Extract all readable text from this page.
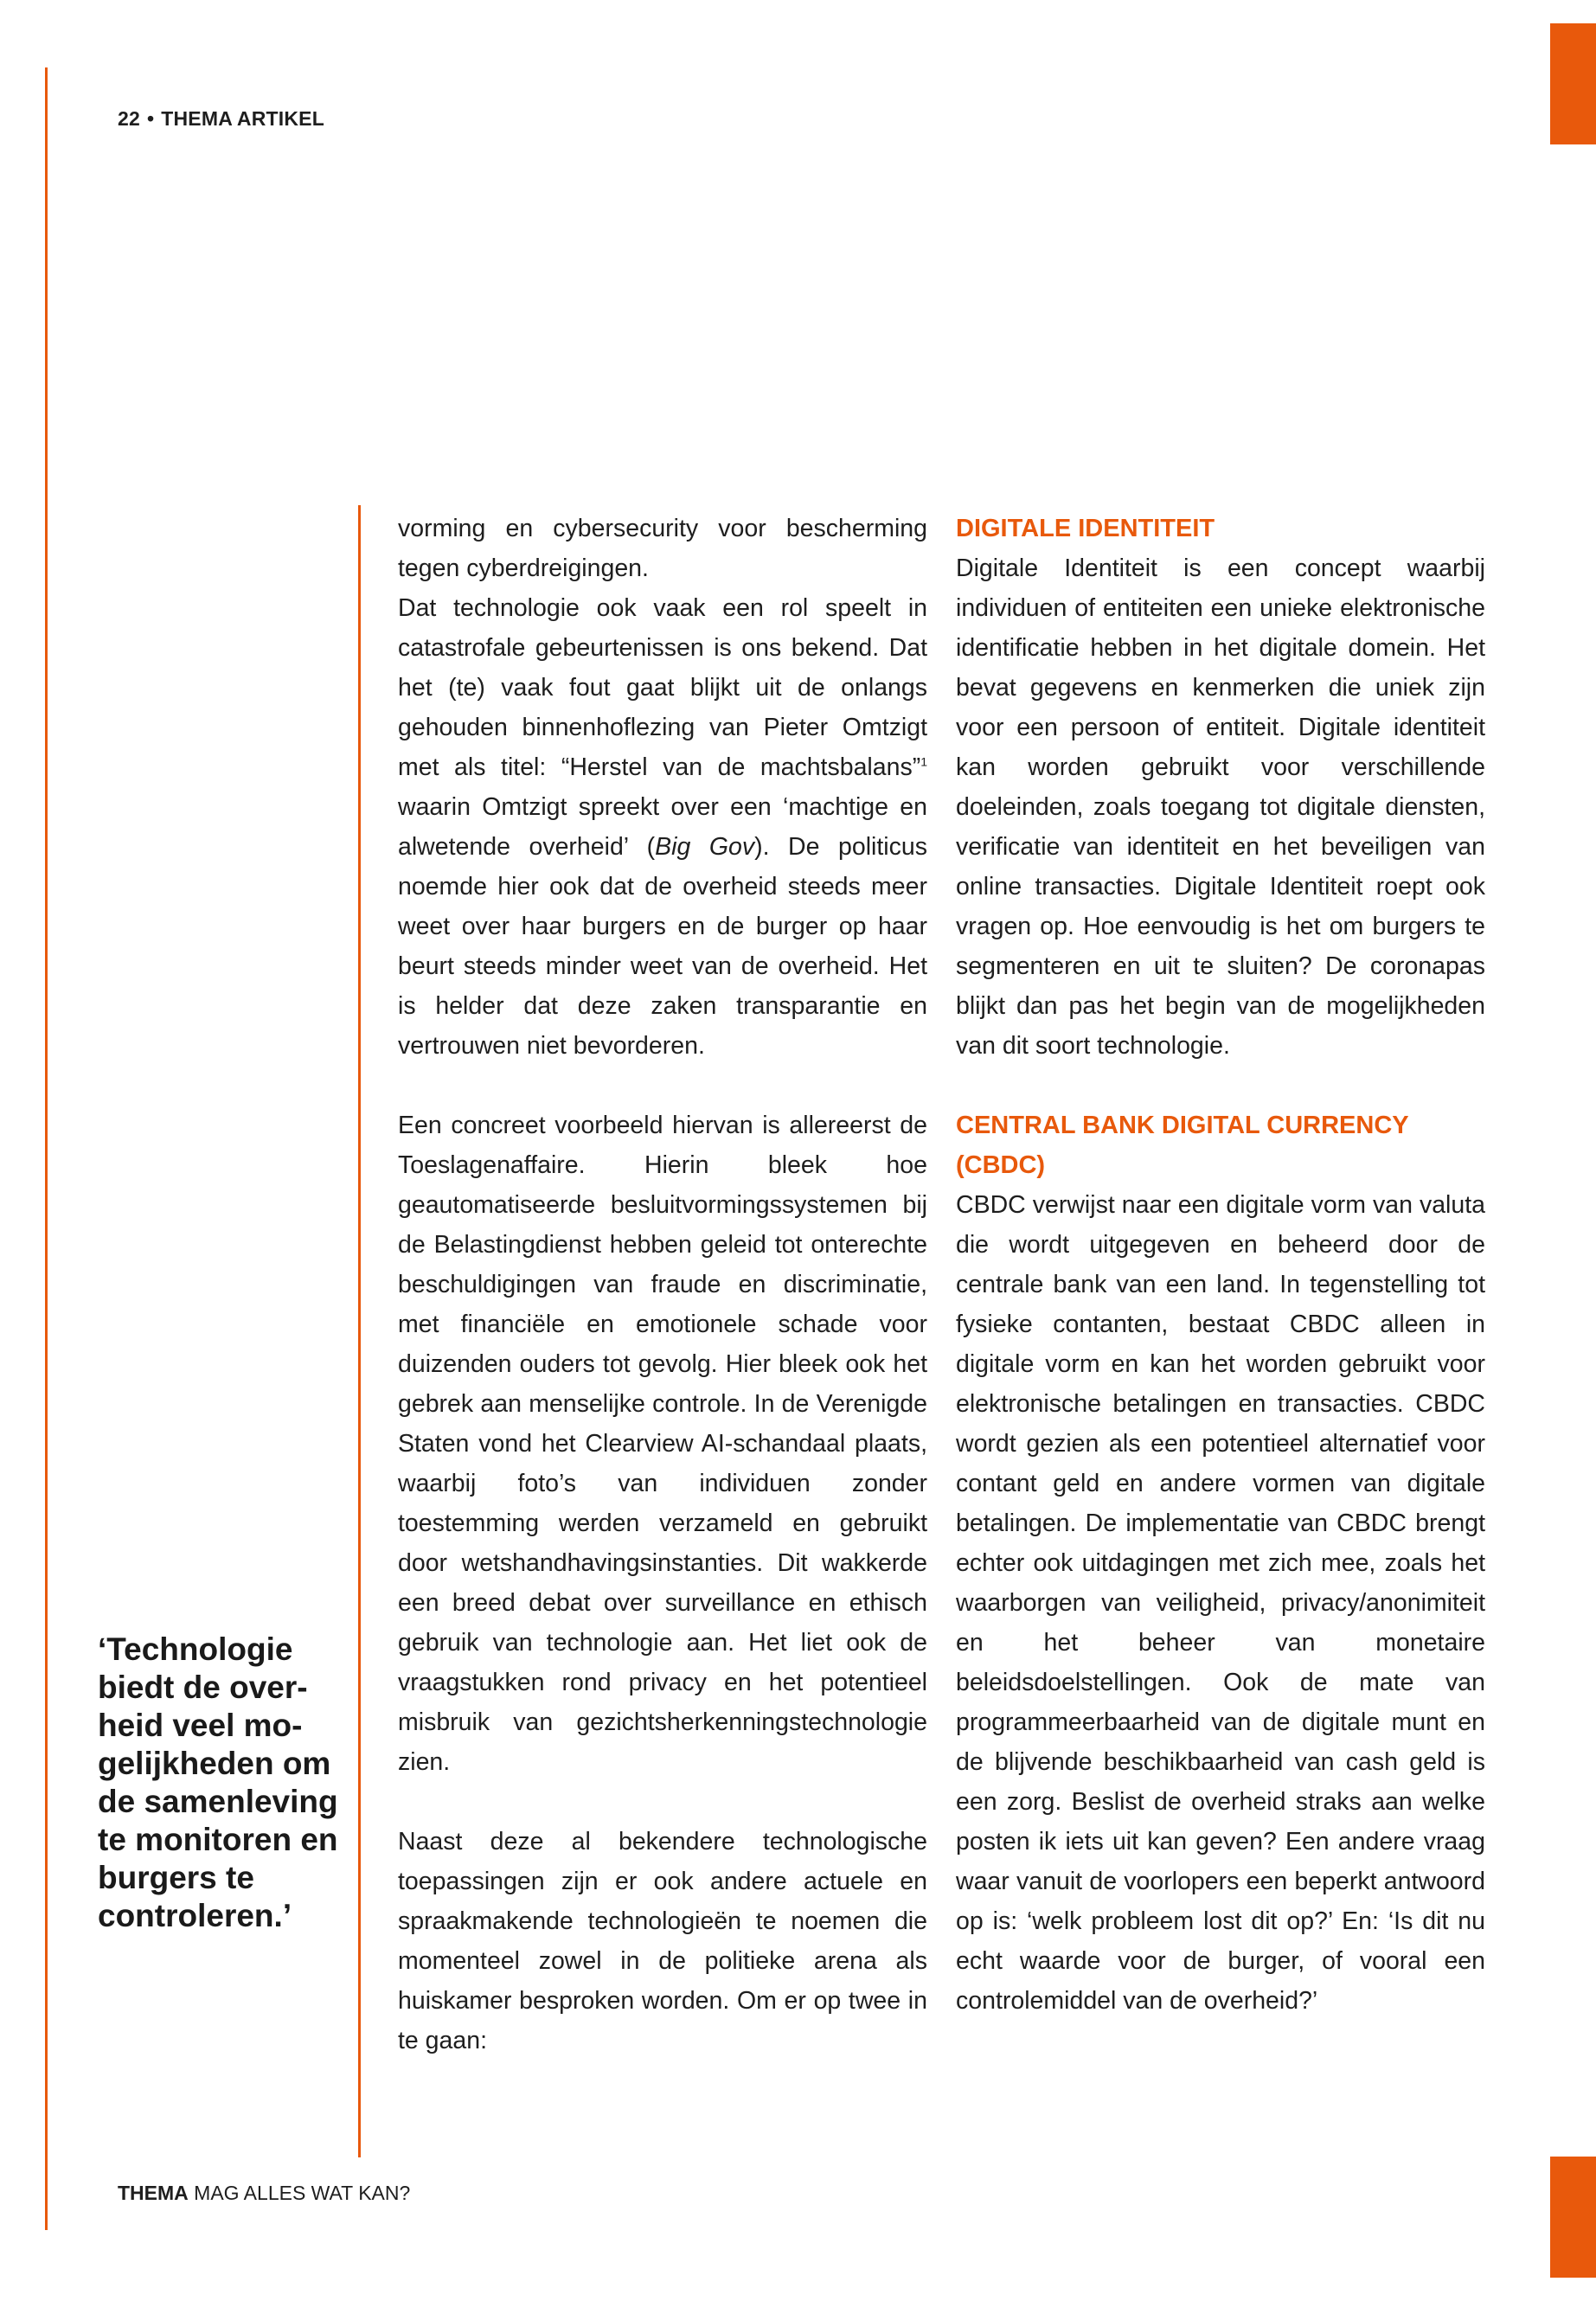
22 • THEMA ARTIKEL
‘Technologie biedt de over-heid veel mo-gelijkheden om de samenleving te monitoren en burgers te controleren.’

vorming en cybersecurity voor bescherming tegen cyberdreigingen.

Dat technologie ook vaak een rol speelt in catastrofale gebeurtenissen is ons bekend. Dat het (te) vaak fout gaat blijkt uit de onlangs gehouden binnenhoflezing van Pieter Omtzigt met als titel: “Herstel van de machtsbalans”$^1$ waarin Omtzigt spreekt over een ‘machtige en alwetende overheid’ (Big Gov). De politicus noemde hier ook dat de overheid steeds meer weet over haar burgers en de burger op haar beurt steeds minder weet van de overheid. Het is helder dat deze zaken transparantie en vertrouwen niet bevorderen.

Een concreet voorbeeld hiervan is allereerst de Toeslagenaffaire. Hierin bleek hoe geautomatiseerde besluitvormingssystemen bij de Belastingdienst hebben geleid tot onterechte beschuldigingen van fraude en discriminatie, met financiële en emotionele schade voor duizenden ouders tot gevolg. Hier bleek ook het gebrek aan menselijke controle. In de Verenigde Staten vond het Clearview AI-schandaal plaats, waarbij foto’s van individuen zonder toestemming werden verzameld en gebruikt door wetshandhavingsinstanties. Dit wakkerde een breed debat over surveillance en ethisch gebruik van technologie aan. Het liet ook de vraagstukken rond privacy en het potentieel misbruik van gezichtsherkenningstechnologie zien.

Naast deze al bekendere technologische toepassingen zijn er ook andere actuele en spraakmakende technologieën te noemen die momenteel zowel in de politieke arena als huiskamer besproken worden. Om er op twee in te gaan:

DIGITALE IDENTITEIT

Digitale Identiteit is een concept waarbij individuen of entiteiten een unieke elektronische identificatie hebben in het digitale domein. Het bevat gegevens en kenmerken die uniek zijn voor een persoon of entiteit. Digitale identiteit kan worden gebruikt voor verschillende doeleinden, zoals toegang tot digitale diensten, verificatie van identiteit en het beveiligen van online transacties. Digitale Identiteit roept ook vragen op. Hoe eenvoudig is het om burgers te segmenteren en uit te sluiten? De coronapas blijkt dan pas het begin van de mogelijkheden van dit soort technologie.

CENTRAL BANK DIGITAL CURRENCY (CBDC)

CBDC verwijst naar een digitale vorm van valuta die wordt uitgegeven en beheerd door de centrale bank van een land. In tegenstelling tot fysieke contanten, bestaat CBDC alleen in digitale vorm en kan het worden gebruikt voor elektronische betalingen en transacties. CBDC wordt gezien als een potentieel alternatief voor contant geld en andere vormen van digitale betalingen. De implementatie van CBDC brengt echter ook uitdagingen met zich mee, zoals het waarborgen van veiligheid, privacy/anonimiteit en het beheer van monetaire beleidsdoelstellingen. Ook de mate van programmeerbaarheid van de digitale munt en de blijvende beschikbaarheid van cash geld is een zorg. Beslist de overheid straks aan welke posten ik iets uit kan geven? Een andere vraag waar vanuit de voorlopers een beperkt antwoord op is: ‘welk probleem lost dit op?’ En: ‘Is dit nu echt waarde voor de burger, of vooral een controlemiddel van de overheid?’

THEMA MAG ALLES WAT KAN?
